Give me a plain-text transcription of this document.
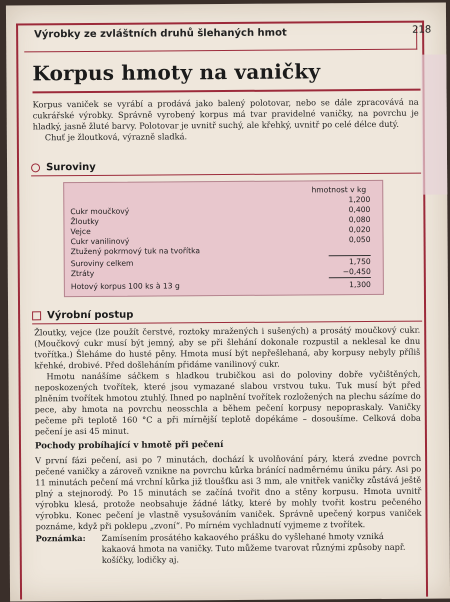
Výrobky ze zvláštních druhů šlehaných hmot	218
Korpus hmoty na vaničky

Korpus vaniček se vyrábí a prodává jako balený polotovar, nebo se dále zpracovává na cukrářské výrobky. Správně vyrobený korpus má tvar pravidelné vaničky, na povrchu je hladký, jasně žluté barvy. Polotovar je uvnitř suchý, ale křehký, uvnitř po celé délce dutý.

Chuť je žloutková, výrazně sladká.

Suroviny
hmotnost v kg
1,200
Cukr moučkový	0,400
Žloutky	0,080
Vejce	0,020
Cukr vanilinový	0,050
Ztužený pokrmový tuk na tvořítka
Suroviny celkem	1,750
Ztráty	−0,450
Hotový korpus 100 ks à 13 g	1,300
Výrobní postup

Žloutky, vejce (lze použít čerstvé, roztoky mražených i sušených) a prosátý moučkový cukr. (Moučkový cukr musí být jemný, aby se při šlehání dokonale rozpustil a neklesal ke dnu tvořítka.) Šleháme do husté pěny. Hmota musí být nepřešlehaná, aby korpusy nebyly příliš křehké, drobivé. Před došleháním přidáme vanilinový cukr.

Hmotu nanášíme sáčkem s hladkou trubičkou asi do poloviny dobře vyčištěných, neposkozených tvořítek, které jsou vymazané slabou vrstvou tuku. Tuk musí být před plněním tvořítek hmotou ztuhlý. Ihned po naplnění tvořítek rozložených na plechu sázíme do pece, aby hmota na povrchu neosschla a během pečení korpusy nepopraskaly. Vaničky pečeme při teplotě 160 °C a při mírnější teplotě dopékáme – dosoušíme. Celková doba pečení je asi 45 minut.

Pochody probíhající v hmotě při pečení
V první fázi pečení, asi po 7 minutách, dochází k uvolňování páry, která zvedne povrch pečené vaničky a zároveň vznikne na povrchu kůrka bránící nadměrnému úniku páry. Asi po 11 minutách pečení má vrchní kůrka již tloušťku asi 3 mm, ale vnitřek vaničky zůstává ještě plný a stejnorodý. Po 15 minutách se začíná tvořit dno a stěny korpusu. Hmota uvnitř výrobku klesá, protože neobsahuje žádné látky, které by mohly tvořit kostru pečeného výrobku. Konec pečení je vlastně vysušováním vaniček. Správně upečený korpus vaniček poznáme, když při poklepu „zvoní“. Po mírném vychladnutí vyjmeme z tvořítek.
Poznámka: Zamísením prosátého kakaového prášku do vyšlehané hmoty vzniká kakaová hmota na vaničky. Tuto můžeme tvarovat různými způsoby např. košíčky, lodičky aj.
